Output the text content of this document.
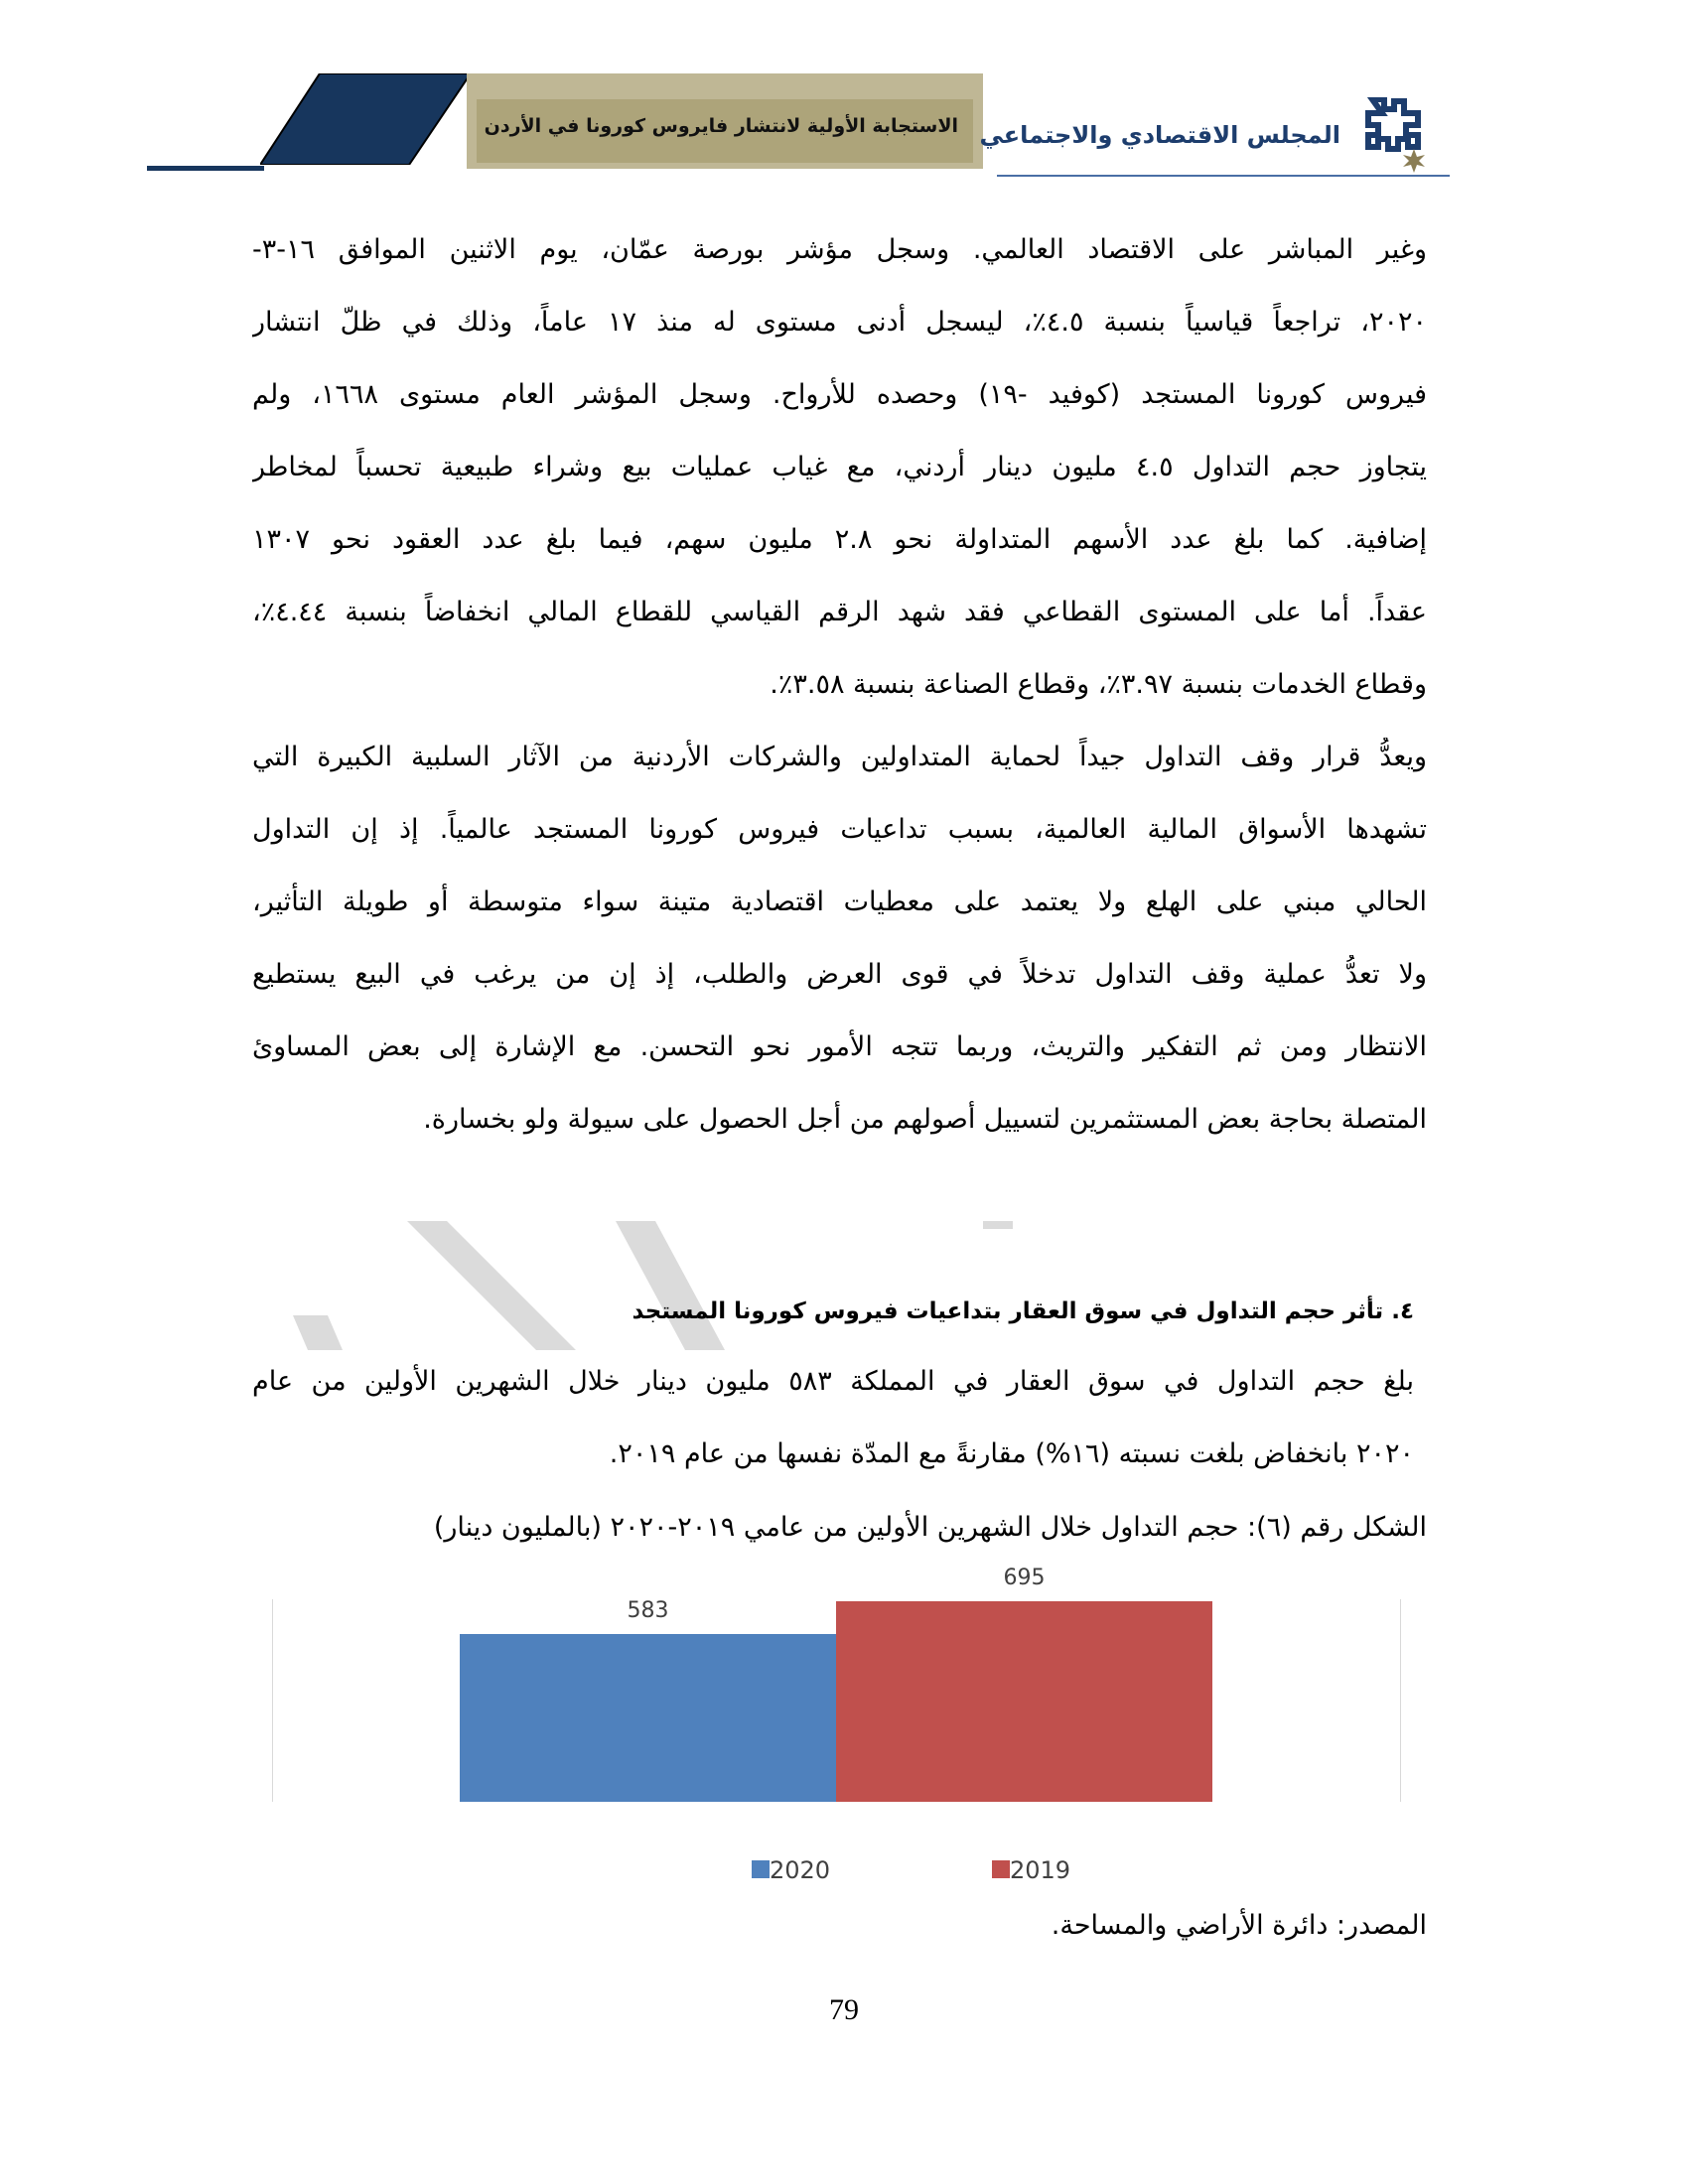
الاستجابة الأولية لانتشار فايروس كورونا في الأردن المجلس الاقتصادي والاجتماعي
وغير المباشر على الاقتصاد العالمي. وسجل مؤشر بورصة عمّان، يوم الاثنين الموافق ١٦-٣-
٢٠٢٠، تراجعاً قياسياً بنسبة ٤.٥٪، ليسجل أدنى مستوى له منذ ١٧ عاماً، وذلك في ظلّ انتشار
فيروس كورونا المستجد (كوفيد -١٩) وحصده للأرواح. وسجل المؤشر العام مستوى ١٦٦٨، ولم
يتجاوز حجم التداول ٤.٥ مليون دينار أردني، مع غياب عمليات بيع وشراء طبيعية تحسباً لمخاطر
إضافية. كما بلغ عدد الأسهم المتداولة نحو ٢.٨ مليون سهم، فيما بلغ عدد العقود نحو ١٣٠٧
عقداً. أما على المستوى القطاعي فقد شهد الرقم القياسي للقطاع المالي انخفاضاً بنسبة ٤.٤٤٪،
وقطاع الخدمات بنسبة ٣.٩٧٪، وقطاع الصناعة بنسبة ٣.٥٨٪.
ويعدُّ قرار وقف التداول جيداً لحماية المتداولين والشركات الأردنية من الآثار السلبية الكبيرة التي
تشهدها الأسواق المالية العالمية، بسبب تداعيات فيروس كورونا المستجد عالمياً. إذ إن التداول
الحالي مبني على الهلع ولا يعتمد على معطيات اقتصادية متينة سواء متوسطة أو طويلة التأثير،
ولا تعدُّ عملية وقف التداول تدخلاً في قوى العرض والطلب، إذ إن من يرغب في البيع يستطيع
الانتظار ومن ثم التفكير والتريث، وربما تتجه الأمور نحو التحسن. مع الإشارة إلى بعض المساوئ
المتصلة بحاجة بعض المستثمرين لتسييل أصولهم من أجل الحصول على سيولة ولو بخسارة.
٤. تأثر حجم التداول في سوق العقار بتداعيات فيروس كورونا المستجد
بلغ حجم التداول في سوق العقار في المملكة ٥٨٣ مليون دينار خلال الشهرين الأولين من عام
٢٠٢٠ بانخفاض بلغت نسبته (١٦%) مقارنةً مع المدّة نفسها من عام ٢٠١٩.
الشكل رقم (٦): حجم التداول خلال الشهرين الأولين من عامي ٢٠١٩-٢٠٢٠ (بالمليون دينار)
583
695
2020	2019
المصدر: دائرة الأراضي والمساحة.
79
